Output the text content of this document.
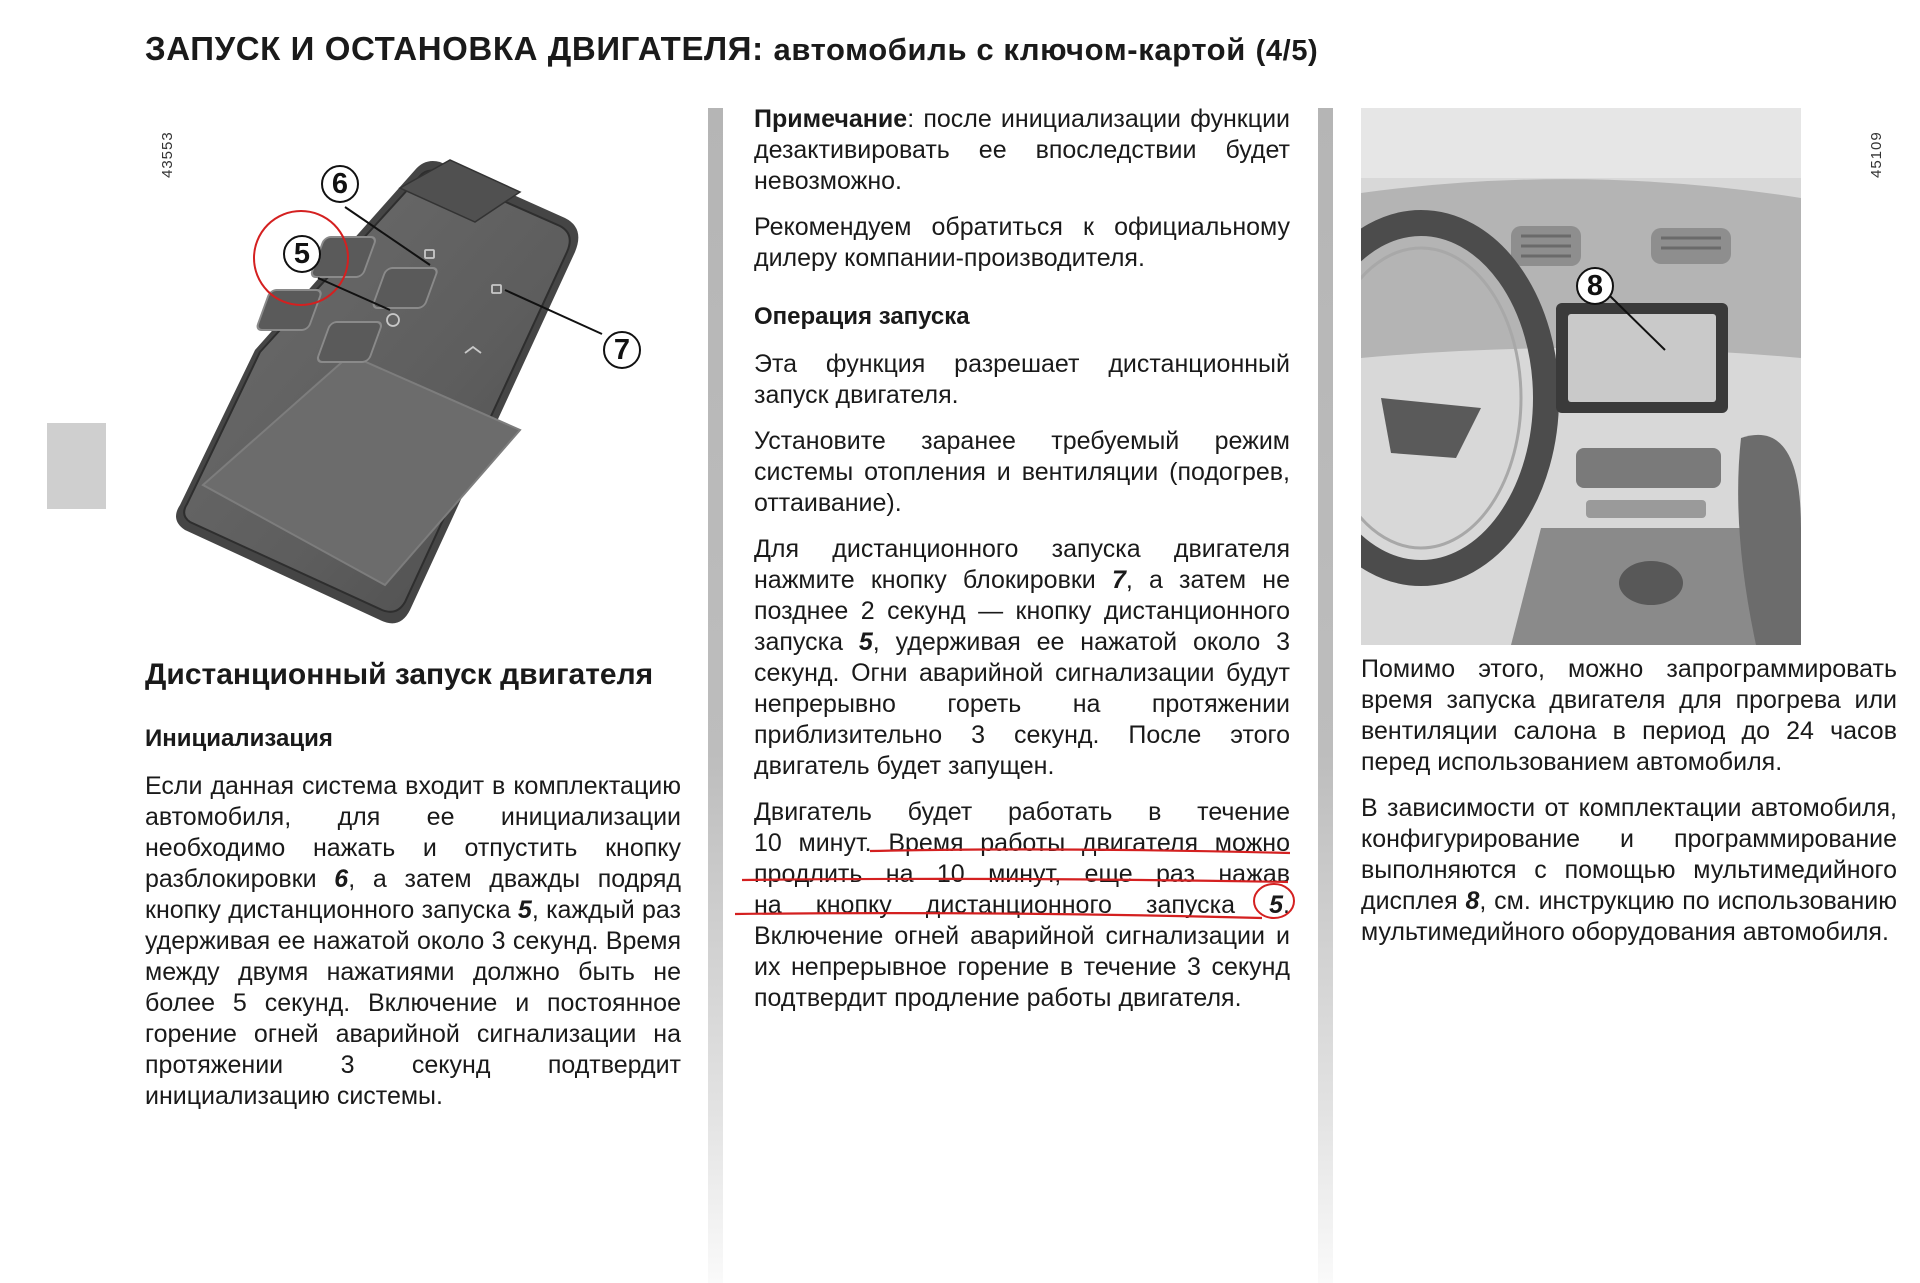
ЗАПУСК И ОСТАНОВКА ДВИГАТЕЛЯ: автомобиль с ключом-картой (4/5)
43553
6
5
7
45109
8
Дистанционный запуск двигателя
Инициализация

Если данная система входит в комплектацию автомобиля, для ее инициализации необходимо нажать и отпустить кнопку разблокировки 6, а затем дважды подряд кнопку дистанционного запуска 5, каждый раз удерживая ее нажатой около 3 секунд. Время между двумя нажатиями должно быть не более 5 секунд. Включение и постоянное горение огней аварийной сигнализации на протяжении 3 секунд подтвердит инициализацию системы.

Примечание: после инициализации функции дезактивировать ее впоследствии будет невозможно.

Рекомендуем обратиться к официальному дилеру компании-производителя.

Операция запуска

Эта функция разрешает дистанционный запуск двигателя.

Установите заранее требуемый режим системы отопления и вентиляции (подогрев, оттаивание).

Для дистанционного запуска двигателя нажмите кнопку блокировки 7, а затем не позднее 2 секунд — кнопку дистанционного запуска 5, удерживая ее нажатой около 3 секунд. Огни аварийной сигнализации будут непрерывно гореть на протяжении приблизительно 3 секунд. После этого двигатель будет запущен.

Двигатель будет работать в течение
10 минут. Время работы двигателя можно
продлить на 10 минут, еще раз нажав
на кнопку дистанционного запуска 5.

Включение огней аварийной сигнализации и их непрерывное горение в течение 3 секунд подтвердит продление работы двигателя.

Помимо этого, можно запрограммировать время запуска двигателя для прогрева или вентиляции салона в период до 24 часов перед использованием автомобиля.

В зависимости от комплектации автомобиля, конфигурирование и программирование выполняются с помощью мультимедийного дисплея 8, см. инструкцию по использованию мультимедийного оборудования автомобиля.
